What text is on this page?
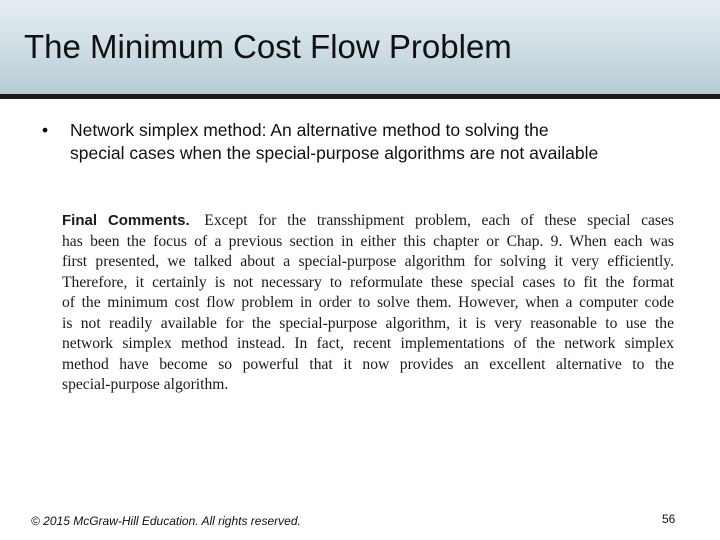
The Minimum Cost Flow Problem
• Network simplex method: An alternative method to solving the
special cases when the special-purpose algorithms are not available
Final Comments. Except for the transshipment problem, each of these special cases
has been the focus of a previous section in either this chapter or Chap. 9. When each was
first presented, we talked about a special-purpose algorithm for solving it very efficiently.
Therefore, it certainly is not necessary to reformulate these special cases to fit the format
of the minimum cost flow problem in order to solve them. However, when a computer code
is not readily available for the special-purpose algorithm, it is very reasonable to use the
network simplex method instead. In fact, recent implementations of the network simplex
method have become so powerful that it now provides an excellent alternative to the
special-purpose algorithm.
© 2015 McGraw-Hill Education. All rights reserved.	56
